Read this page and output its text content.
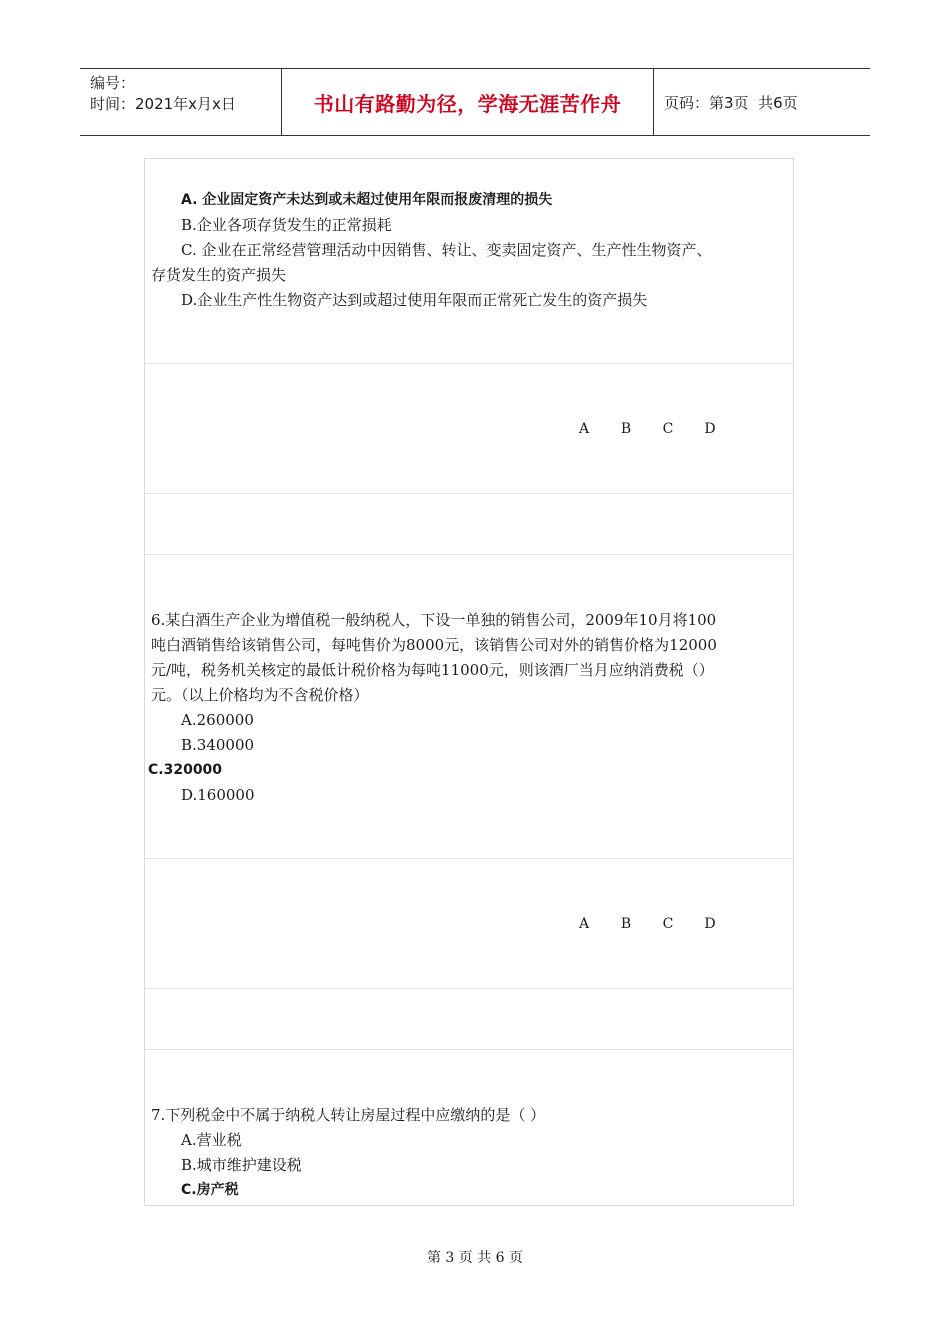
编号：
时间：2021年x月x日	书山有路勤为径，学海无涯苦作舟	页码：第3页  共6页
A. 企业固定资产未达到或未超过使用年限而报废清理的损失
B.企业各项存货发生的正常损耗
C. 企业在正常经营管理活动中因销售、转让、变卖固定资产、生产性生物资产、
存货发生的资产损失
D.企业生产性生物资产达到或超过使用年限而正常死亡发生的资产损失
A B C D
6.某白酒生产企业为增值税一般纳税人，下设一单独的销售公司，2009年10月将100
吨白酒销售给该销售公司，每吨售价为8000元，该销售公司对外的销售价格为12000
元/吨，税务机关核定的最低计税价格为每吨11000元，则该酒厂当月应纳消费税（）
元。（以上价格均为不含税价格）
A.260000
B.340000
C.320000
D.160000
A B C D
7.下列税金中不属于纳税人转让房屋过程中应缴纳的是（ ）
A.营业税
B.城市维护建设税
C.房产税
第 3 页 共 6 页
